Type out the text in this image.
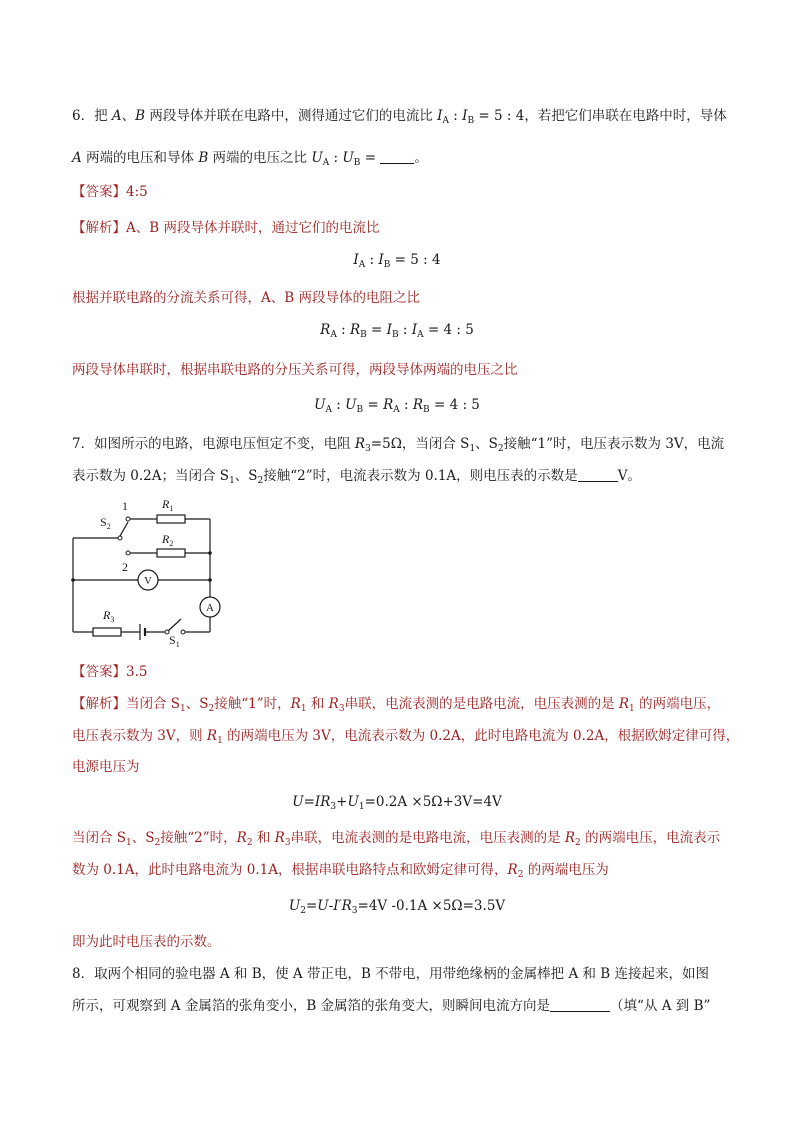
6．把 A、B 两段导体并联在电路中，测得通过它们的电流比 $I_A$ : $I_B = 5$ : 4，若把它们串联在电路中时，导体
A 两端的电压和导体 B 两端的电压之比 $U_A$ : $U_B$ =	。
【答案】4:5
【解析】A、B 两段导体并联时，通过它们的电流比
$I_A$ : $I_B = 5$ : 4
根据并联电路的分流关系可得，A、B 两段导体的电阻之比
$R_A$ : $R_B = I_B$ : $I_A = 4$ : 5
两段导体串联时，根据串联电路的分压关系可得，两段导体两端的电压之比
$U_A$ : $U_B = R_A$ : $R_B = 4$ : 5
7．如图所示的电路，电源电压恒定不变，电阻 $R_3=5\Omega$，当闭合 $S_1$、$S_2$接触“1”时，电压表示数为 3V，电流
表示数为 0.2A；当闭合 $S_1$、$S_2$接触“2”时，电流表示数为 0.1A，则电压表的示数是	V。
1
2
$S_2$
$R_1$
$R_2$
$R_3$
$S_1$
V
A
【答案】3.5
【解析】当闭合 $S_1$、$S_2$接触“1”时，$R_1$ 和 $R_3$串联，电流表测的是电路电流，电压表测的是 $R_1$ 的两端电压，
电压表示数为 3V，则 $R_1$ 的两端电压为 3V，电流表示数为 0.2A，此时电路电流为 0.2A，根据欧姆定律可得，
电源电压为
$U=IR_3+U_1=0.2A \times 5\Omega+3V=4V$
当闭合 $S_1$、$S_2$接触“2”时，$R_2$ 和 $R_3$串联，电流表测的是电路电流，电压表测的是 $R_2$ 的两端电压，电流表示
数为 0.1A，此时电路电流为 0.1A，根据串联电路特点和欧姆定律可得，$R_2$ 的两端电压为
$U_2=U-I'R_3=4V$ -0.1A ×5Ω=3.5V
即为此时电压表的示数。
8．取两个相同的验电器 A 和 B，使 A 带正电，B 不带电，用带绝缘柄的金属棒把 A 和 B 连接起来，如图
所示，可观察到 A 金属箔的张角变小，B 金属箔的张角变大，则瞬间电流方向是	（填“从 A 到 B”
